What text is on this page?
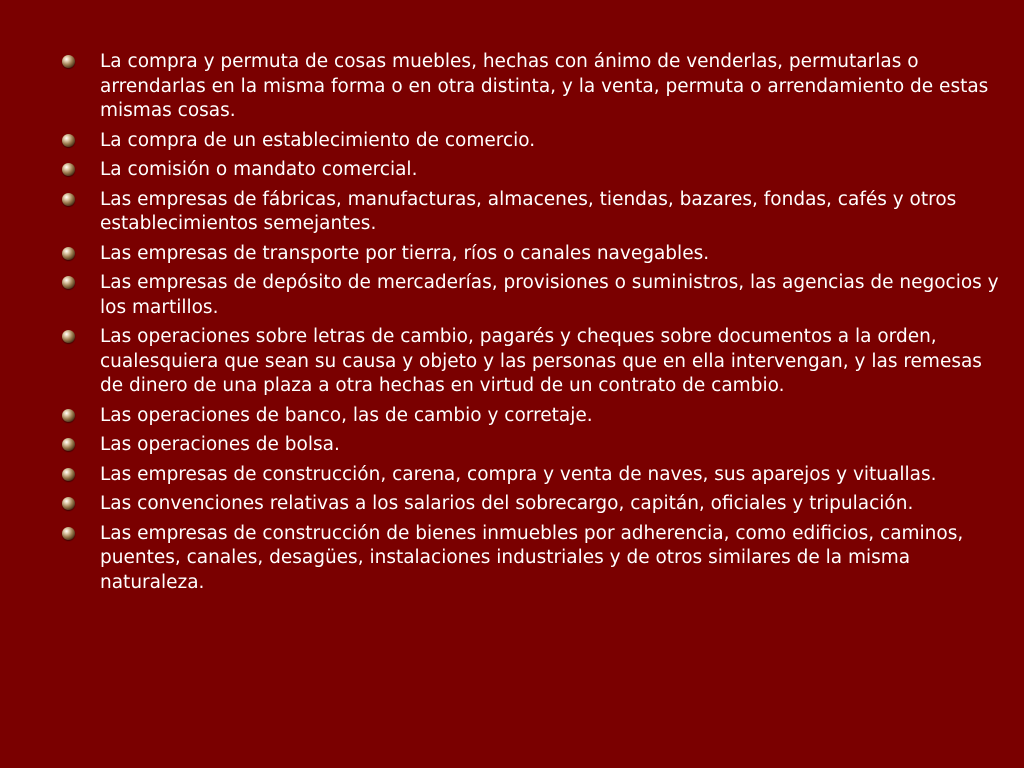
La compra y permuta de cosas muebles, hechas con ánimo de venderlas, permutarlas o arrendarlas en la misma forma o en otra distinta, y la venta, permuta o arrendamiento de estas mismas cosas.
La compra de un establecimiento de comercio.
La comisión o mandato comercial.
Las empresas de fábricas, manufacturas, almacenes, tiendas, bazares, fondas, cafés y otros establecimientos semejantes.
Las empresas de transporte por tierra, ríos o canales navegables.
Las empresas de depósito de mercaderías, provisiones o suministros, las agencias de negocios y los martillos.
Las operaciones sobre letras de cambio, pagarés y cheques sobre documentos a la orden, cualesquiera que sean su causa y objeto y las personas que en ella intervengan, y las remesas de dinero de una plaza a otra hechas en virtud de un contrato de cambio.
Las operaciones de banco, las de cambio y corretaje.
Las operaciones de bolsa.
Las empresas de construcción, carena, compra y venta de naves, sus aparejos y vituallas.
Las convenciones relativas a los salarios del sobrecargo, capitán, oficiales y tripulación.
Las empresas de construcción de bienes inmuebles por adherencia, como edificios, caminos, puentes, canales, desagües, instalaciones industriales y de otros similares de la misma naturaleza.
